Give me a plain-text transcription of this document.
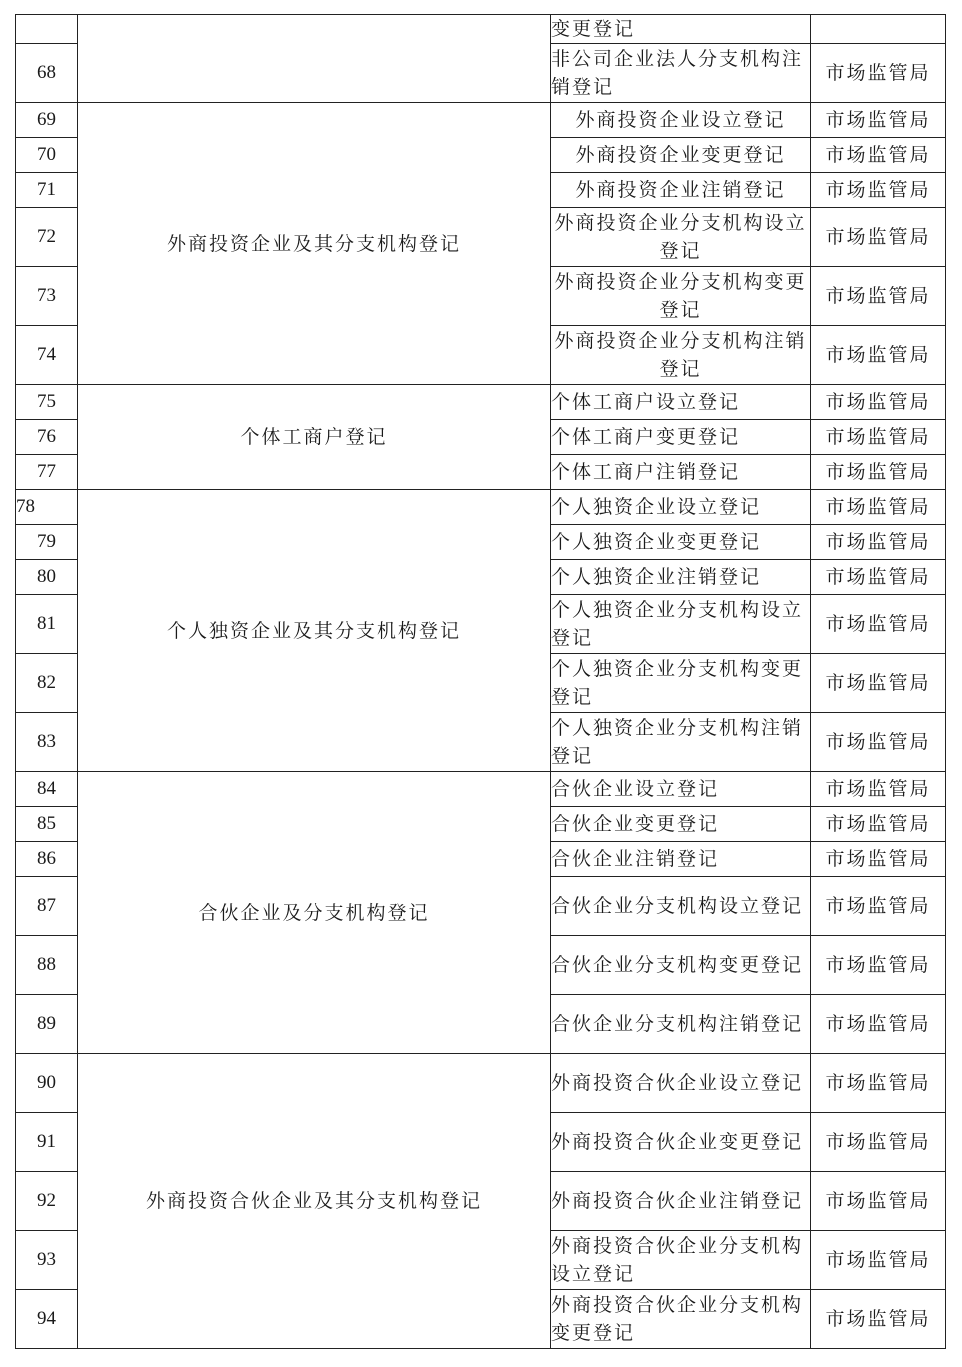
		变更登记	
68		非公司企业法人分支机构注销登记	市场监管局
69	外商投资企业及其分支机构登记	外商投资企业设立登记	市场监管局
70		外商投资企业变更登记	市场监管局
71		外商投资企业注销登记	市场监管局
72		外商投资企业分支机构设立登记	市场监管局
73		外商投资企业分支机构变更登记	市场监管局
74		外商投资企业分支机构注销登记	市场监管局
75	个体工商户登记	个体工商户设立登记	市场监管局
76		个体工商户变更登记	市场监管局
77		个体工商户注销登记	市场监管局
78	个人独资企业及其分支机构登记	个人独资企业设立登记	市场监管局
79		个人独资企业变更登记	市场监管局
80		个人独资企业注销登记	市场监管局
81		个人独资企业分支机构设立登记	市场监管局
82		个人独资企业分支机构变更登记	市场监管局
83		个人独资企业分支机构注销登记	市场监管局
84	合伙企业及分支机构登记	合伙企业设立登记	市场监管局
85		合伙企业变更登记	市场监管局
86		合伙企业注销登记	市场监管局
87		合伙企业分支机构设立登记	市场监管局
88		合伙企业分支机构变更登记	市场监管局
89		合伙企业分支机构注销登记	市场监管局
90	外商投资合伙企业及其分支机构登记	外商投资合伙企业设立登记	市场监管局
91		外商投资合伙企业变更登记	市场监管局
92		外商投资合伙企业注销登记	市场监管局
93		外商投资合伙企业分支机构设立登记	市场监管局
94		外商投资合伙企业分支机构变更登记	市场监管局
